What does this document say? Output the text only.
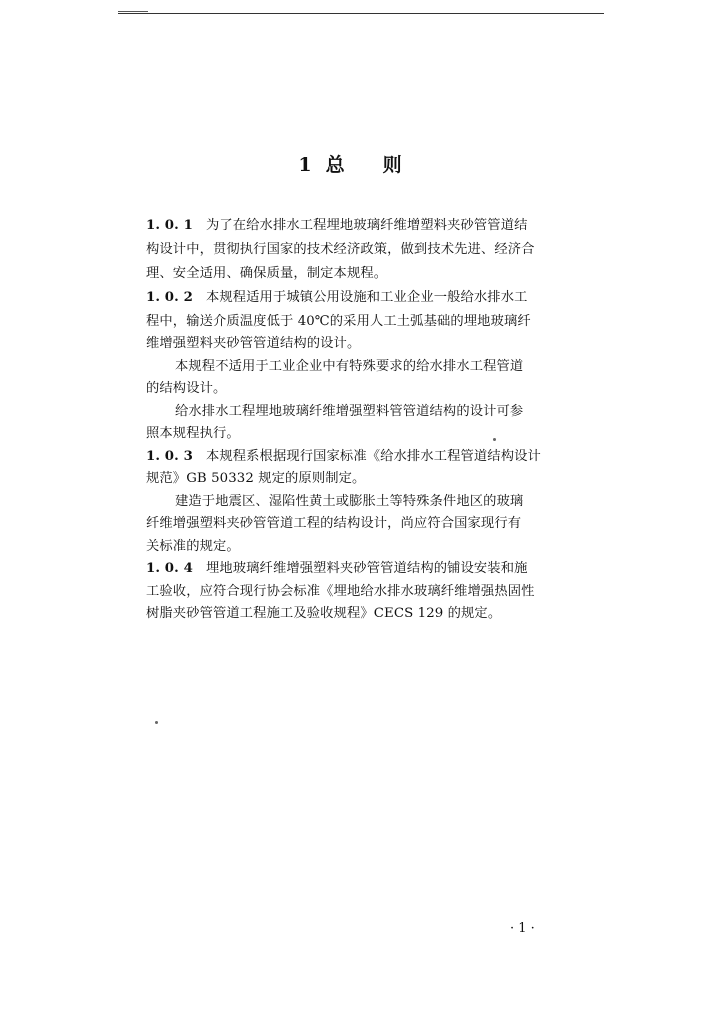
1 总 则
1. 0. 1 为了在给水排水工程埋地玻璃纤维增塑料夹砂管管道结
构设计中，贯彻执行国家的技术经济政策，做到技术先进、经济合
理、安全适用、确保质量，制定本规程。
1. 0. 2 本规程适用于城镇公用设施和工业企业一般给水排水工
程中，输送介质温度低于 40℃的采用人工土弧基础的埋地玻璃纤
维增强塑料夹砂管管道结构的设计。
本规程不适用于工业企业中有特殊要求的给水排水工程管道
的结构设计。
给水排水工程埋地玻璃纤维增强塑料管管道结构的设计可参
照本规程执行。
1. 0. 3 本规程系根据现行国家标准《给水排水工程管道结构设计
规范》GB 50332 规定的原则制定。
建造于地震区、湿陷性黄土或膨胀土等特殊条件地区的玻璃
纤维增强塑料夹砂管管道工程的结构设计，尚应符合国家现行有
关标准的规定。
1. 0. 4 埋地玻璃纤维增强塑料夹砂管管道结构的铺设安装和施
工验收，应符合现行协会标准《埋地给水排水玻璃纤维增强热固性
树脂夹砂管管道工程施工及验收规程》CECS 129 的规定。
· 1 ·
